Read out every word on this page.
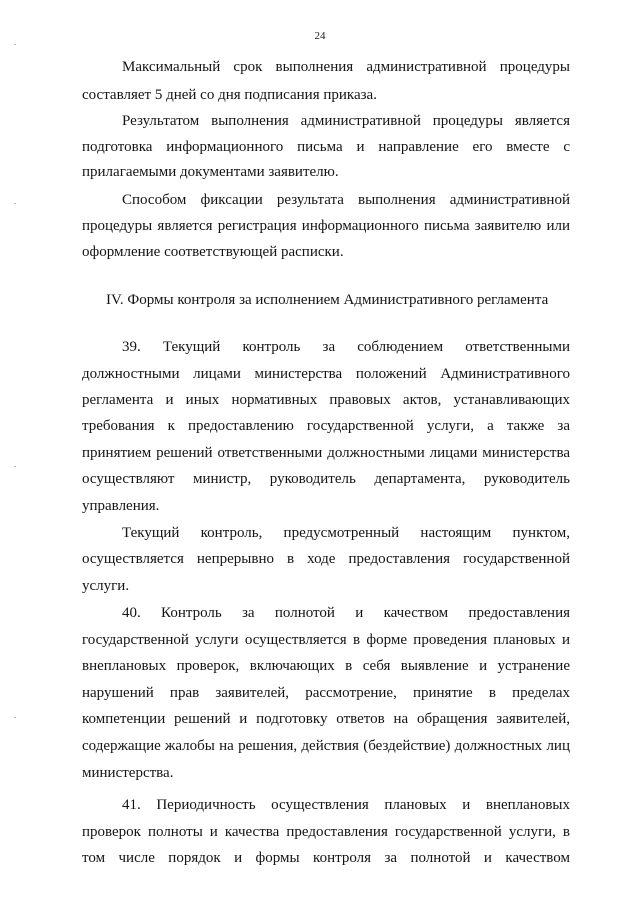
24
IV. Формы контроля за исполнением Административного регламента
Максимальный срок выполнения административной процедуры
составляет 5 дней со дня подписания приказа.
Результатом выполнения административной процедуры является
подготовка информационного письма и направление его вместе с
прилагаемыми документами заявителю.
Способом фиксации результата выполнения административной
процедуры является регистрация информационного письма заявителю или
оформление соответствующей расписки.
39. Текущий контроль за соблюдением ответственными
должностными лицами министерства положений Административного
регламента и иных нормативных правовых актов, устанавливающих
требования к предоставлению государственной услуги, а также за
принятием решений ответственными должностными лицами министерства
осуществляют министр, руководитель департамента, руководитель
управления.
Текущий контроль, предусмотренный настоящим пунктом,
осуществляется непрерывно в ходе предоставления государственной
услуги.
40. Контроль за полнотой и качеством предоставления
государственной услуги осуществляется в форме проведения плановых и
внеплановых проверок, включающих в себя выявление и устранение
нарушений прав заявителей, рассмотрение, принятие в пределах
компетенции решений и подготовку ответов на обращения заявителей,
содержащие жалобы на решения, действия (бездействие) должностных лиц
министерства.
41. Периодичность осуществления плановых и внеплановых
проверок полноты и качества предоставления государственной услуги, в
том числе порядок и формы контроля за полнотой и качеством
